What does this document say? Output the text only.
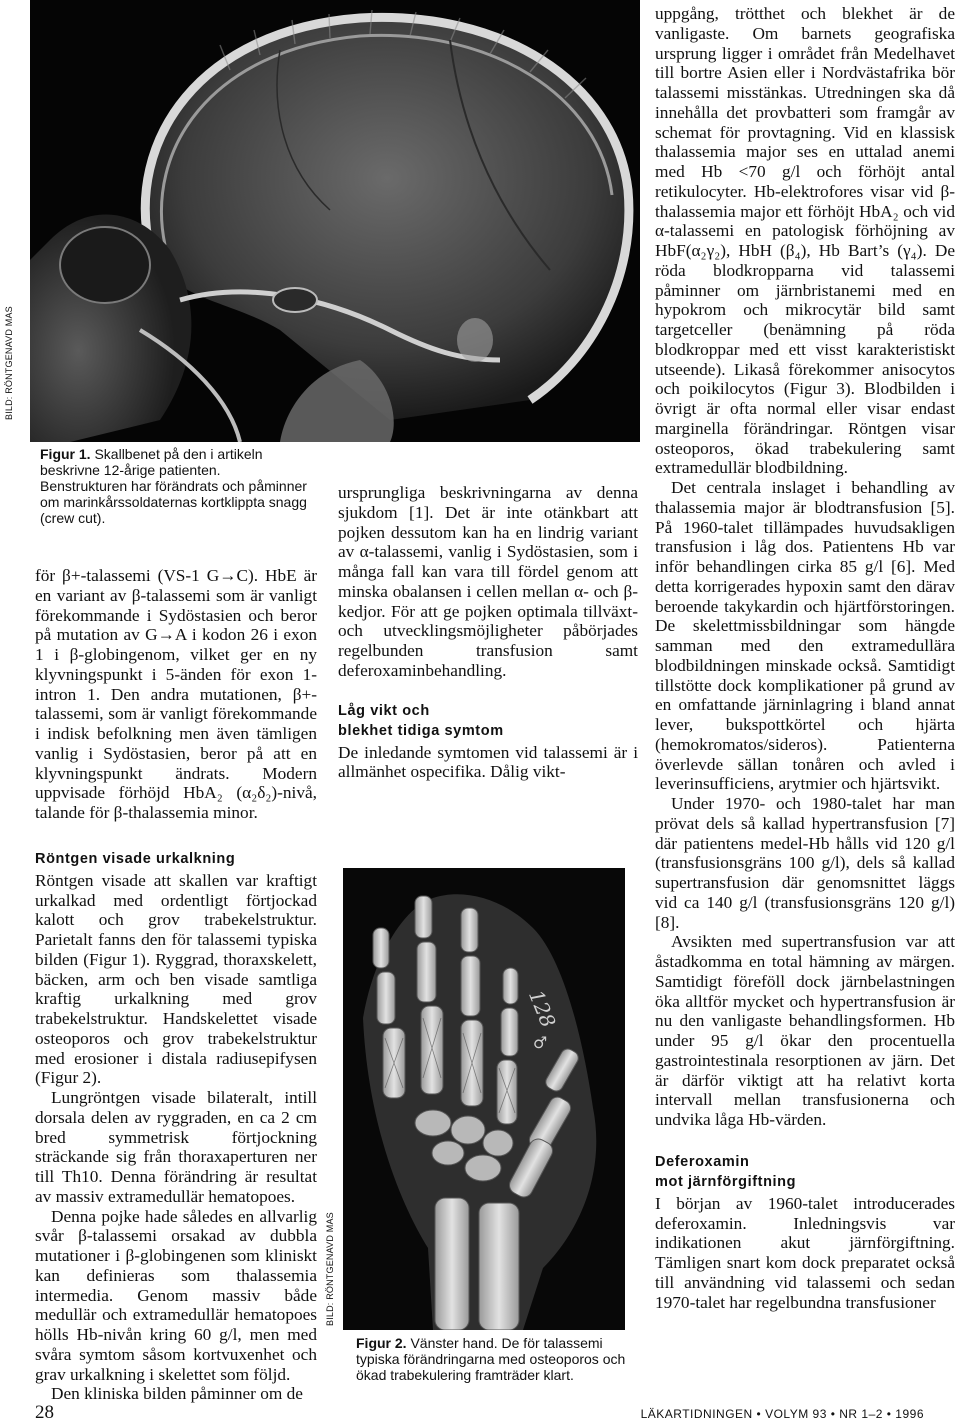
BILD: RÖNTGENAVD MAS
Figur 1. Skallbenet på den i artikeln beskrivne 12-årige patienten. Benstrukturen har förändrats och påminner om marinkårssoldaternas kortklippta snagg (crew cut).

för β+-talassemi (VS-1 G→C). HbE är en variant av β-talassemi som är vanligt förekommande i Sydöstasien och beror på mutation av G→A i kodon 26 i exon 1 i β-globingenom, vilket ger en ny klyvningspunkt i 5-änden för exon 1-intron 1. Den andra mutationen, β+-talassemi, som är vanligt förekommande i indisk befolkning men även tämligen vanlig i Sydöstasien, beror på att en klyvningspunkt ändrats. Modern uppvisade förhöjd HbA₂ (α₂δ₂)-nivå, talande för β-thalassemia minor.

Röntgen visade urkalkning

Röntgen visade att skallen var kraftigt urkalkad med ordentligt förtjockad kalott och grov trabekelstruktur. Parietalt fanns den för talassemi typiska bilden (Figur 1). Ryggrad, thoraxskelett, bäcken, arm och ben visade samtliga kraftig urkalkning med grov trabekelstruktur. Handskelettet visade osteoporos och grov trabekelstruktur med erosioner i distala radiusepifysen (Figur 2).

Lungröntgen visade bilateralt, intill dorsala delen av ryggraden, en ca 2 cm bred symmetrisk förtjockning sträckande sig från thoraxaperturen ner till Th10. Denna förändring är resultat av massiv extramedullär hematopoes.

Denna pojke hade således en allvarlig svår β-talassemi orsakad av dubbla mutationer i β-globingenen som kliniskt kan definieras som thalassemia intermedia. Genom massiv både medullär och extramedullär hematopoes hölls Hb-nivån kring 60 g/l, men med svåra symtom såsom kortvuxenhet och grav urkalkning i skelettet som följd.

Den kliniska bilden påminner om de

ursprungliga beskrivningarna av denna sjukdom [1]. Det är inte otänkbart att pojken dessutom kan ha en lindrig variant av α-talassemi, vanlig i Sydöstasien, som i många fall kan vara till fördel genom att minska obalansen i cellen mellan α- och β-kedjor. För att ge pojken optimala tillväxt- och utvecklingsmöjligheter påbörjades regelbunden transfusion samt deferoxaminbehandling.

Låg vikt och
blekhet tidiga symtom

De inledande symtomen vid talassemi är i allmänhet ospecifika. Dålig vikt-

128
♂
BILD: RÖNTGENAVD MAS
Figur 2. Vänster hand. De för talassemi typiska förändringarna med osteoporos och ökad trabekulering framträder klart.

uppgång, trötthet och blekhet är de vanligaste. Om barnets geografiska ursprung ligger i området från Medelhavet till bortre Asien eller i Nordvästafrika bör talassemi misstänkas. Utredningen ska då innehålla det provbatteri som framgår av schemat för provtagning. Vid en klassisk thalassemia major ses en uttalad anemi med Hb <70 g/l och förhöjt antal retikulocyter. Hb-elektrofores visar vid β-thalassemia major ett förhöjt HbA₂ och vid α-talassemi en patologisk förhöjning av HbF(α₂γ₂), HbH (β₄), Hb Bart’s (γ₄). De röda blodkropparna vid talassemi påminner om järnbristanemi med en hypokrom och mikrocytär bild samt targetceller (benämning på röda blodkroppar med ett visst karakteristiskt utseende). Likaså förekommer anisocytos och poikilocytos (Figur 3). Blodbilden i övrigt är ofta normal eller visar endast marginella förändringar. Röntgen visar osteoporos, ökad trabekulering samt extramedullär blodbildning.

Det centrala inslaget i behandling av thalassemia major är blodtransfusion [5]. På 1960-talet tillämpades huvudsakligen transfusion i låg dos. Patientens Hb var inför behandlingen cirka 85 g/l [6]. Med detta korrigerades hypoxin samt den därav beroende takykardin och hjärtförstoringen. De skelettmissbildningar som hängde samman med den extramedullära blodbildningen minskade också. Samtidigt tillstötte dock komplikationer på grund av en omfattande järninlagring i bland annat lever, bukspottkörtel och hjärta (hemokromatos/sideros). Patienterna överlevde sällan tonåren och avled i leverinsufficiens, arytmier och hjärtsvikt.

Under 1970- och 1980-talet har man prövat dels så kallad hypertransfusion [7] där patientens medel-Hb hålls vid 120 g/l (transfusionsgräns 100 g/l), dels så kallad supertransfusion där genomsnittet läggs vid ca 140 g/l (transfusionsgräns 120 g/l) [8].

Avsikten med supertransfusion var att åstadkomma en total hämning av märgen. Samtidigt föreföll dock järnbelastningen öka alltför mycket och hypertransfusion är nu den vanligaste behandlingsformen. Hb under 95 g/l ökar den procentuella gastrointestinala resorptionen av järn. Det är därför viktigt att ha relativt korta intervall mellan transfusionerna och undvika låga Hb-värden.

Deferoxamin
mot järnförgiftning

I början av 1960-talet introducerades deferoxamin. Inledningsvis var indikationen akut järnförgiftning. Tämligen snart kom dock preparatet också till användning vid talassemi och sedan 1970-talet har regelbundna transfusioner

28	LÄKARTIDNINGEN • VOLYM 93 • NR 1–2 • 1996
